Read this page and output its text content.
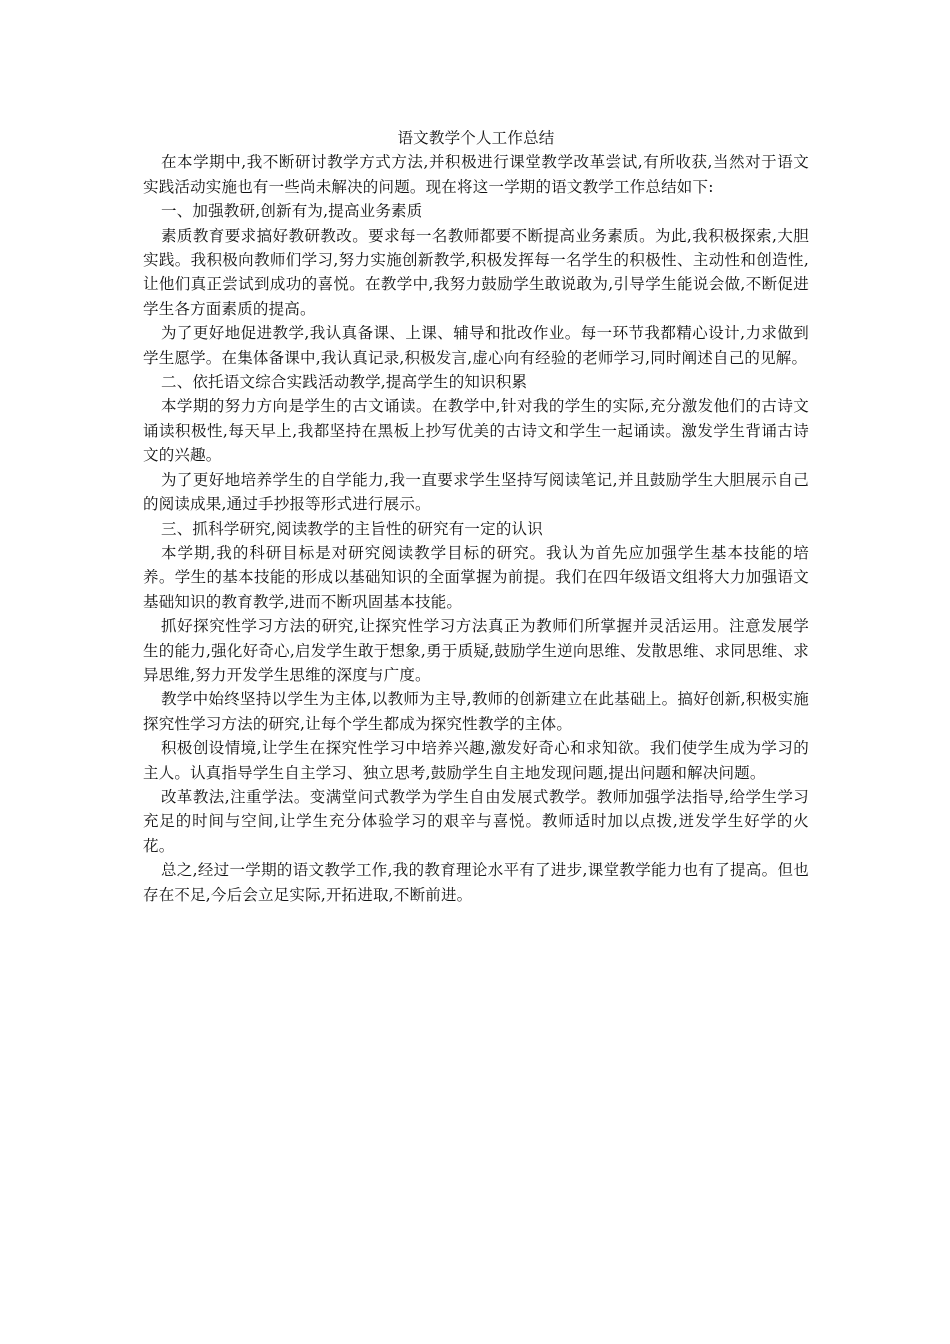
语文教学个人工作总结

在本学期中,我不断研讨教学方式方法,并积极进行课堂教学改革尝试,有所收获,当然对于语文实践活动实施也有一些尚未解决的问题。现在将这一学期的语文教学工作总结如下:

一、加强教研,创新有为,提高业务素质

素质教育要求搞好教研教改。要求每一名教师都要不断提高业务素质。为此,我积极探索,大胆实践。我积极向教师们学习,努力实施创新教学,积极发挥每一名学生的积极性、主动性和创造性,让他们真正尝试到成功的喜悦。在教学中,我努力鼓励学生敢说敢为,引导学生能说会做,不断促进学生各方面素质的提高。

为了更好地促进教学,我认真备课、上课、辅导和批改作业。每一环节我都精心设计,力求做到学生愿学。在集体备课中,我认真记录,积极发言,虚心向有经验的老师学习,同时阐述自己的见解。

二、依托语文综合实践活动教学,提高学生的知识积累

本学期的努力方向是学生的古文诵读。在教学中,针对我的学生的实际,充分激发他们的古诗文诵读积极性,每天早上,我都坚持在黑板上抄写优美的古诗文和学生一起诵读。激发学生背诵古诗文的兴趣。

为了更好地培养学生的自学能力,我一直要求学生坚持写阅读笔记,并且鼓励学生大胆展示自己的阅读成果,通过手抄报等形式进行展示。

三、抓科学研究,阅读教学的主旨性的研究有一定的认识

本学期,我的科研目标是对研究阅读教学目标的研究。我认为首先应加强学生基本技能的培养。学生的基本技能的形成以基础知识的全面掌握为前提。我们在四年级语文组将大力加强语文基础知识的教育教学,进而不断巩固基本技能。

抓好探究性学习方法的研究,让探究性学习方法真正为教师们所掌握并灵活运用。注意发展学生的能力,强化好奇心,启发学生敢于想象,勇于质疑,鼓励学生逆向思维、发散思维、求同思维、求异思维,努力开发学生思维的深度与广度。

教学中始终坚持以学生为主体,以教师为主导,教师的创新建立在此基础上。搞好创新,积极实施探究性学习方法的研究,让每个学生都成为探究性教学的主体。

积极创设情境,让学生在探究性学习中培养兴趣,激发好奇心和求知欲。我们使学生成为学习的主人。认真指导学生自主学习、独立思考,鼓励学生自主地发现问题,提出问题和解决问题。

改革教法,注重学法。变满堂问式教学为学生自由发展式教学。教师加强学法指导,给学生学习充足的时间与空间,让学生充分体验学习的艰辛与喜悦。教师适时加以点拨,迸发学生好学的火花。

总之,经过一学期的语文教学工作,我的教育理论水平有了进步,课堂教学能力也有了提高。但也存在不足,今后会立足实际,开拓进取,不断前进。
